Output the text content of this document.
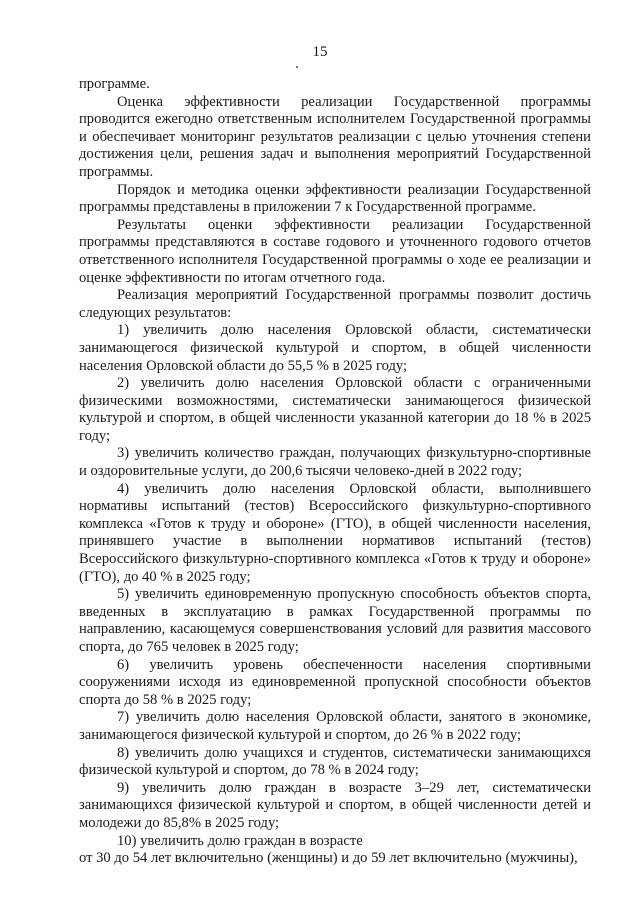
15

программе.

Оценка эффективности реализации Государственной программы проводится ежегодно ответственным исполнителем Государственной программы и обеспечивает мониторинг результатов реализации с целью уточнения степени достижения цели, решения задач и выполнения мероприятий Государственной программы.

Порядок и методика оценки эффективности реализации Государственной программы представлены в приложении 7 к Государственной программе.

Результаты оценки эффективности реализации Государственной программы представляются в составе годового и уточненного годового отчетов ответственного исполнителя Государственной программы о ходе ее реализации и оценке эффективности по итогам отчетного года.

Реализация мероприятий Государственной программы позволит достичь следующих результатов:

1) увеличить долю населения Орловской области, систематически занимающегося физической культурой и спортом, в общей численности населения Орловской области до 55,5 % в 2025 году;

2) увеличить долю населения Орловской области с ограниченными физическими возможностями, систематически занимающегося физической культурой и спортом, в общей численности указанной категории до 18 % в 2025 году;

3) увеличить количество граждан, получающих физкультурно-спортивные и оздоровительные услуги, до 200,6 тысячи человеко-дней в 2022 году;

4) увеличить долю населения Орловской области, выполнившего нормативы испытаний (тестов) Всероссийского физкультурно-спортивного комплекса «Готов к труду и обороне» (ГТО), в общей численности населения, принявшего участие в выполнении нормативов испытаний (тестов) Всероссийского физкультурно-спортивного комплекса «Готов к труду и обороне» (ГТО), до 40 % в 2025 году;

5) увеличить единовременную пропускную способность объектов спорта, введенных в эксплуатацию в рамках Государственной программы по направлению, касающемуся совершенствования условий для развития массового спорта, до 765 человек в 2025 году;

6) увеличить уровень обеспеченности населения спортивными сооружениями исходя из единовременной пропускной способности объектов спорта до 58 % в 2025 году;

7) увеличить долю населения Орловской области, занятого в экономике, занимающегося физической культурой и спортом, до 26 % в 2022 году;

8) увеличить долю учащихся и студентов, систематически занимающихся физической культурой и спортом, до 78 % в 2024 году;

9) увеличить долю граждан в возрасте 3–29 лет, систематически занимающихся физической культурой и спортом, в общей численности детей и молодежи до 85,8% в 2025 году;

10) увеличить долю граждан в возрасте

от 30 до 54 лет включительно (женщины) и до 59 лет включительно (мужчины),
